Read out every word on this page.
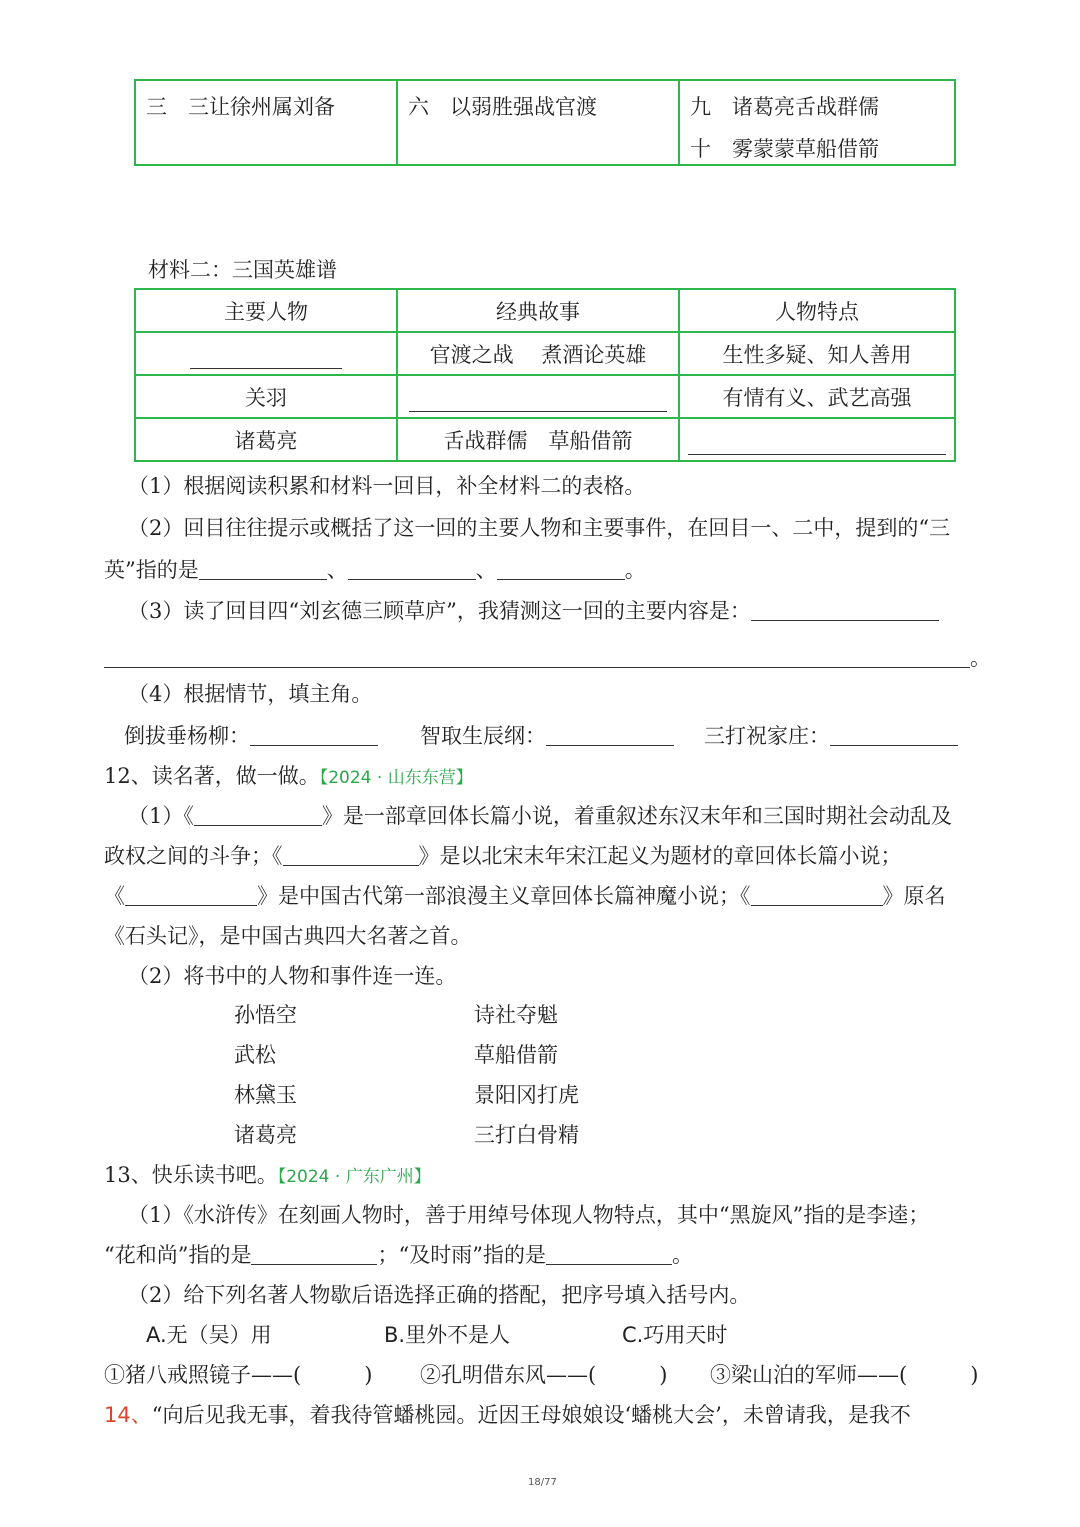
三　三让徐州属刘备	六　以弱胜强战官渡	九　诸葛亮舌战群儒
十　雾蒙蒙草船借箭
材料二：三国英雄谱
主要人物	经典故事	人物特点
	官渡之战　 煮酒论英雄	生性多疑、知人善用
关羽		有情有义、武艺高强
诸葛亮	舌战群儒　草船借箭	
（1）根据阅读积累和材料一回目，补全材料二的表格。
（2）回目往往提示或概括了这一回的主要人物和主要事件，在回目一、二中，提到的“三
英”指的是	、	、	。
（3）读了回目四“刘玄德三顾草庐”，我猜测这一回的主要内容是：
。
（4）根据情节，填主角。
倒拔垂杨柳：	智取生辰纲：	三打祝家庄：
12、读名著，做一做。【2024 · 山东东营】
（1）《	》是一部章回体长篇小说，着重叙述东汉末年和三国时期社会动乱及
政权之间的斗争；《	》是以北宋末年宋江起义为题材的章回体长篇小说；
《	》是中国古代第一部浪漫主义章回体长篇神魔小说；《	》原名
《石头记》，是中国古典四大名著之首。
（2）将书中的人物和事件连一连。
孙悟空
武松
林黛玉
诸葛亮
诗社夺魁
草船借箭
景阳冈打虎
三打白骨精
13、快乐读书吧。【2024 · 广东广州】
（1）《水浒传》在刻画人物时，善于用绰号体现人物特点，其中“黑旋风”指的是李逵；
“花和尚”指的是	；“及时雨”指的是	。
（2）给下列名著人物歇后语选择正确的搭配，把序号填入括号内。
A.无（吴）用	B.里外不是人	C.巧用天时
①猪八戒照镜子——(　　　) ②孔明借东风——(　　　) ③梁山泊的军师——(　　　)
14、“向后见我无事，着我待管蟠桃园。近因王母娘娘设‘蟠桃大会’，未曾请我，是我不
18/77
